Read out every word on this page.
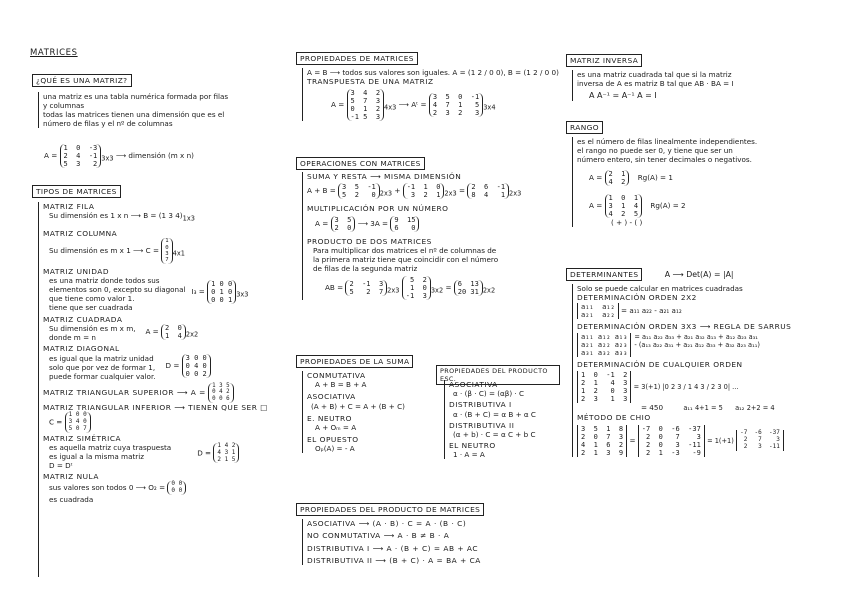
MATRICES
¿QUÉ ES UNA MATRIZ?
una matriz es una tabla numérica formada por filas
y columnas
todas las matrices tienen una dimensión que es el
número de filas y el nº de columnas
A = 1  0  -3
2  4  -1
5  3   $2_{3x3}$ ⟶ dimensión (m x n)
TIPOS DE MATRICES
MATRIZ FILA
Su dimensión es 1 x n ⟶ B = (1 3 $4)_{1x3}$
MATRIZ COLUMNA
Su dimensión es m x 1 ⟶ C = 1
0
3
$7_{4x1}$
MATRIZ UNIDAD
es una matriz donde todos sus
elementos son 0, excepto su diagonal
que tiene como valor 1.
tiene que ser cuadrada
I₃ = 1 0 0
0 1 0
0 0 $1_{3x3}$
MATRIZ CUADRADA
Su dimensión es m x m,
donde m = n
A = 2  0
1  4 $_{2x2}$
MATRIZ DIAGONAL
es igual que la matriz unidad
solo que por vez de formar 1,
puede formar cualquier valor.
D = 3 0 0
0 4 0
0 0 2
MATRIZ TRIANGULAR SUPERIOR ⟶ A = 1 3 5
0 4 2
0 0 6
MATRIZ TRIANGULAR INFERIOR ⟶ TIENEN QUE SER □
C = 1 0 0
3 4 0
5 0 7
MATRIZ SIMÉTRICA
es aquella matriz cuya traspuesta
es igual a la misma matriz
D = Dᵗ
D = 1 4 2
4 3 1
2 1 5
MATRIZ NULA
sus valores son todos 0 ⟶ O₂ = 0 0
0 0
es cuadrada
PROPIEDADES DE MATRICES
A = B ⟶ todos sus valores son iguales. A = (1 2 / 0 0), B = (1 2 / 0 0)
TRANSPUESTA DE UNA MATRIZ
A = 3  4  2
5  7  3
0  1  2
-1 5  $3_{4x3}$ ⟶ Aᵗ = 3  5  0  -1
4  7  1   5
2  3  2   $3_{3x4}$
OPERACIONES CON MATRICES
SUMA Y RESTA ⟶ MISMA DIMENSIÓN
A + B = 3  5  -1
5  2   0 $_{2x3}$ + -1  1  0
3  2  1 $_{2x3}$ = 2  6  -1
8  4   1 $_{2x3}$
MULTIPLICACIÓN POR UN NÚMERO
A = 3  5
2  0 ⟶ 3A = 9  15
6   0
PRODUCTO DE DOS MATRICES
Para multiplicar dos matrices el nº de columnas de
la primera matriz tiene que coincidir con el número
de filas de la segunda matriz
AB = 2  -1  3
5   2  7 $_{2x3}$  5  2
1  0
-1  $3_{3x2} = 6$  13
20 31 $_{2x2}$
PROPIEDADES DE LA SUMA
CONMUTATIVA
A + B = B + A
ASOCIATIVA
(A + B) + C = A + (B + C)
E. NEUTRO
A + Oₘ = A
EL OPUESTO
Oₚ(A) = - A
PROPIEDADES DEL PRODUCTO ESC.
ASOCIATIVA
α · (β · C) = (αβ) · C
DISTRIBUTIVA I
α · (B + C) = α B + α C
DISTRIBUTIVA II
(α + b) · C = α C + b C
EL NEUTRO
1 · A = A
PROPIEDADES DEL PRODUCTO DE MATRICES
ASOCIATIVA ⟶ (A · B) · C = A · (B · C)
NO CONMUTATIVA ⟶ A · B ≠ B · A
DISTRIBUTIVA I ⟶ A · (B + C) = AB + AC
DISTRIBUTIVA II ⟶ (B + C) · A = BA + CA
MATRIZ INVERSA
es una matriz cuadrada tal que si la matriz
inversa de A es matriz B tal que AB · BA = I
A A⁻¹ = A⁻¹ A = I
RANGO
es el número de filas linealmente independientes.
el rango no puede ser 0, y tiene que ser un
número entero, sin tener decimales o negativos.
A = 2  1
4  2 Rg(A) = 1
A = 1  0  1
3  1  4
4  2  5 Rg(A) = 2
( + ) - ( )
DETERMINANTES	A ⟶ Det(A) = |A|
Solo se puede calcular en matrices cuadradas
DETERMINACIÓN ORDEN 2X2
a₁₁  a₁₂
a₂₁  a₂₂ = a₁₁ a₂₂ - a₂₁ a₁₂
DETERMINACIÓN ORDEN 3X3 ⟶ REGLA DE SARRUS
a₁₁ a₁₂ a₁₃
a₂₁ a₂₂ a₂₃
a₃₁ a₃₂ a₃₃
= a₁₁ a₂₂ a₃₃ + a₂₁ a₃₂ a₁₃ + a₁₂ a₂₃ a₃₁
- (a₁₃ a₂₂ a₃₁ + a₂₁ a₁₂ a₃₃ + a₃₂ a₂₃ a₁₁)
DETERMINACIÓN DE CUALQUIER ORDEN
1  0  -1  2
2  1   4  3
1  2   0  3
2  3   1  3 = 3(+1) |0 2 3 / 1 4 3 / 2 3 0| ...
= 450	a₁₁ 4+1 = 5 a₁₂ 2+2 = 4
MÉTODO DE CHIO
3  5  1  8
2  0  7  3
4  1  6  2
2  1  3  9 = -7  0  -6  -37
2  0   7    3
2  0   3  -11
2  1  -3   -9 = 1(+1) -7  -6  -37
2   7    3
2   3  -11
